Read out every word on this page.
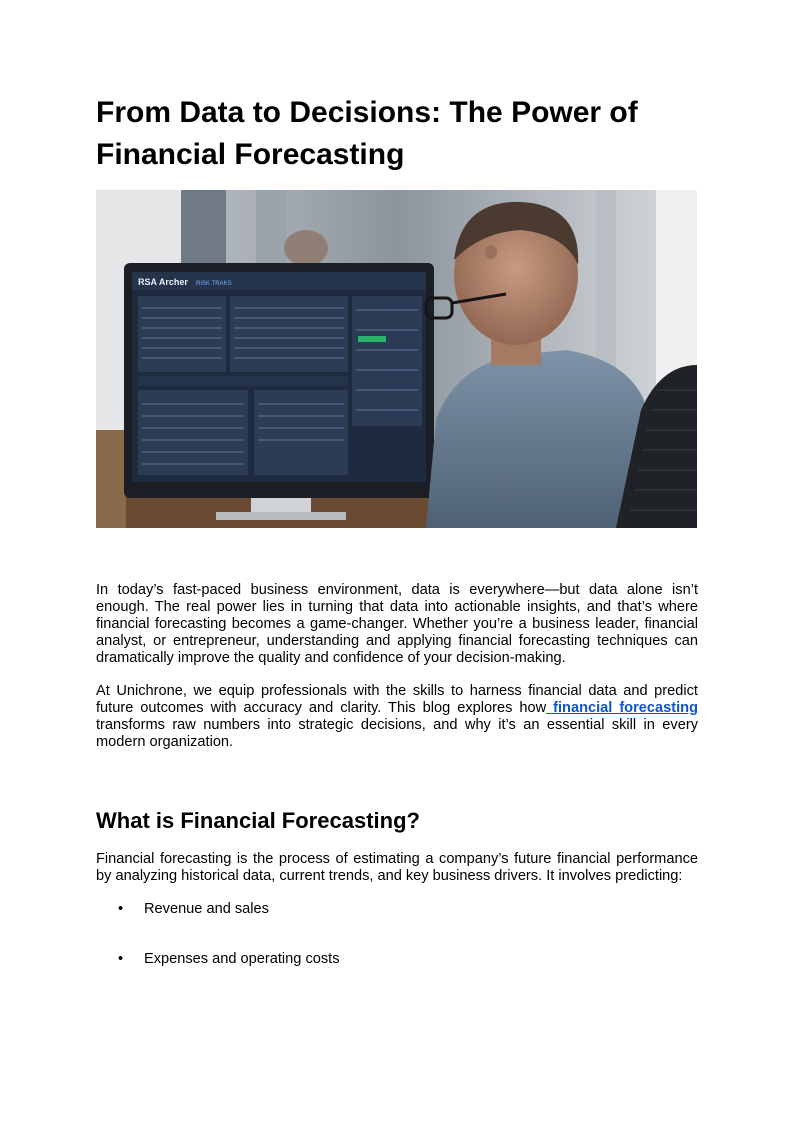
From Data to Decisions: The Power of Financial Forecasting
RSA Archer RISK TRAKS

In today’s fast-paced business environment, data is everywhere—but data alone isn’t enough. The real power lies in turning that data into actionable insights, and that’s where financial forecasting becomes a game-changer. Whether you’re a business leader, financial analyst, or entrepreneur, understanding and applying financial forecasting techniques can dramatically improve the quality and confidence of your decision-making.

At Unichrone, we equip professionals with the skills to harness financial data and predict future outcomes with accuracy and clarity. This blog explores how financial forecasting transforms raw numbers into strategic decisions, and why it’s an essential skill in every modern organization.

What is Financial Forecasting?

Financial forecasting is the process of estimating a company’s future financial performance by analyzing historical data, current trends, and key business drivers. It involves predicting:

• Revenue and sales
• Expenses and operating costs
